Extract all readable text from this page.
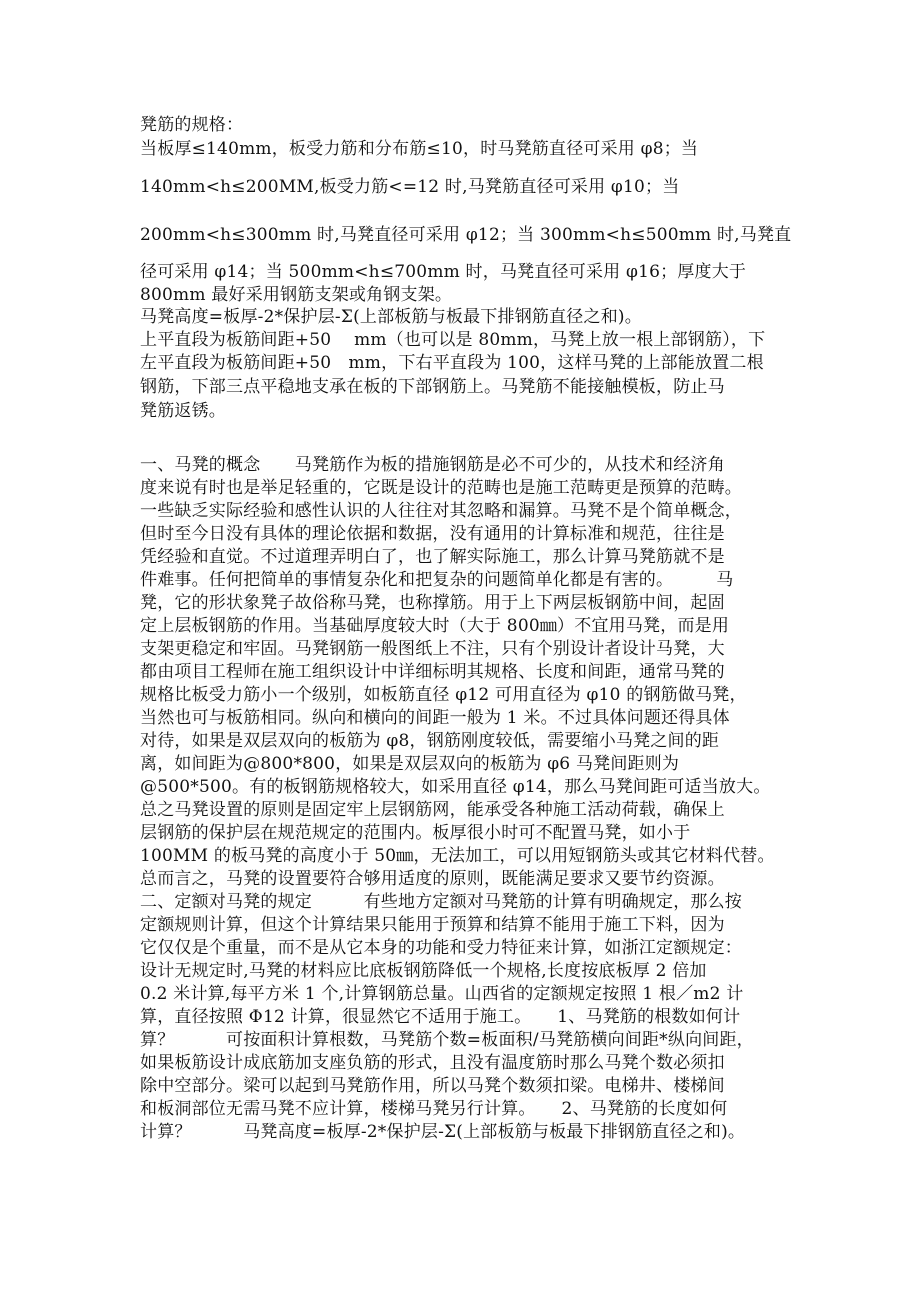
凳筋的规格：
当板厚≤140mm，板受力筋和分布筋≤10，时马凳筋直径可采用 φ8；当
140mm<h≤200MM,板受力筋<=12 时,马凳筋直径可采用 φ10；当
200mm<h≤300mm 时,马凳直径可采用 φ12；当 300mm<h≤500mm 时,马凳直
径可采用 φ14；当 500mm<h≤700mm 时，马凳直径可采用 φ16；厚度大于
800mm 最好采用钢筋支架或角钢支架。
马凳高度=板厚-2*保护层-Σ(上部板筋与板最下排钢筋直径之和)。
上平直段为板筋间距+50　 mm（也可以是 80mm，马凳上放一根上部钢筋），下
左平直段为板筋间距+50　mm，下右平直段为 100，这样马凳的上部能放置二根
钢筋，下部三点平稳地支承在板的下部钢筋上。马凳筋不能接触模板，防止马
凳筋返锈。
一、马凳的概念　　马凳筋作为板的措施钢筋是必不可少的，从技术和经济角
度来说有时也是举足轻重的，它既是设计的范畴也是施工范畴更是预算的范畴。
一些缺乏实际经验和感性认识的人往往对其忽略和漏算。马凳不是个简单概念，
但时至今日没有具体的理论依据和数据，没有通用的计算标准和规范，往往是
凭经验和直觉。不过道理弄明白了，也了解实际施工，那么计算马凳筋就不是
件难事。任何把简单的事情复杂化和把复杂的问题简单化都是有害的。　　　马
凳，它的形状象凳子故俗称马凳，也称撑筋。用于上下两层板钢筋中间，起固
定上层板钢筋的作用。当基础厚度较大时（大于 800㎜）不宜用马凳，而是用
支架更稳定和牢固。马凳钢筋一般图纸上不注，只有个别设计者设计马凳，大
都由项目工程师在施工组织设计中详细标明其规格、长度和间距，通常马凳的
规格比板受力筋小一个级别，如板筋直径 φ12 可用直径为 φ10 的钢筋做马凳，
当然也可与板筋相同。纵向和横向的间距一般为 1 米。不过具体问题还得具体
对待，如果是双层双向的板筋为 φ8，钢筋刚度较低，需要缩小马凳之间的距
离，如间距为@800*800，如果是双层双向的板筋为 φ6 马凳间距则为
@500*500。有的板钢筋规格较大，如采用直径 φ14，那么马凳间距可适当放大。
总之马凳设置的原则是固定牢上层钢筋网，能承受各种施工活动荷载，确保上
层钢筋的保护层在规范规定的范围内。板厚很小时可不配置马凳，如小于
100MM 的板马凳的高度小于 50㎜，无法加工，可以用短钢筋头或其它材料代替。
总而言之，马凳的设置要符合够用适度的原则，既能满足要求又要节约资源。
二、定额对马凳的规定　　　有些地方定额对马凳筋的计算有明确规定，那么按
定额规则计算，但这个计算结果只能用于预算和结算不能用于施工下料，因为
它仅仅是个重量，而不是从它本身的功能和受力特征来计算，如浙江定额规定：
设计无规定时,马凳的材料应比底板钢筋降低一个规格,长度按底板厚 2 倍加
0.2 米计算,每平方米 1 个,计算钢筋总量。山西省的定额规定按照 1 根／m2 计
算，直径按照 Φ12 计算，很显然它不适用于施工。　　1、马凳筋的根数如何计
算？　　　可按面积计算根数，马凳筋个数=板面积/马凳筋横向间距*纵向间距，
如果板筋设计成底筋加支座负筋的形式，且没有温度筋时那么马凳个数必须扣
除中空部分。梁可以起到马凳筋作用，所以马凳个数须扣梁。电梯井、楼梯间
和板洞部位无需马凳不应计算，楼梯马凳另行计算。　　2、马凳筋的长度如何
计算？　　　马凳高度=板厚-2*保护层-Σ(上部板筋与板最下排钢筋直径之和)。
